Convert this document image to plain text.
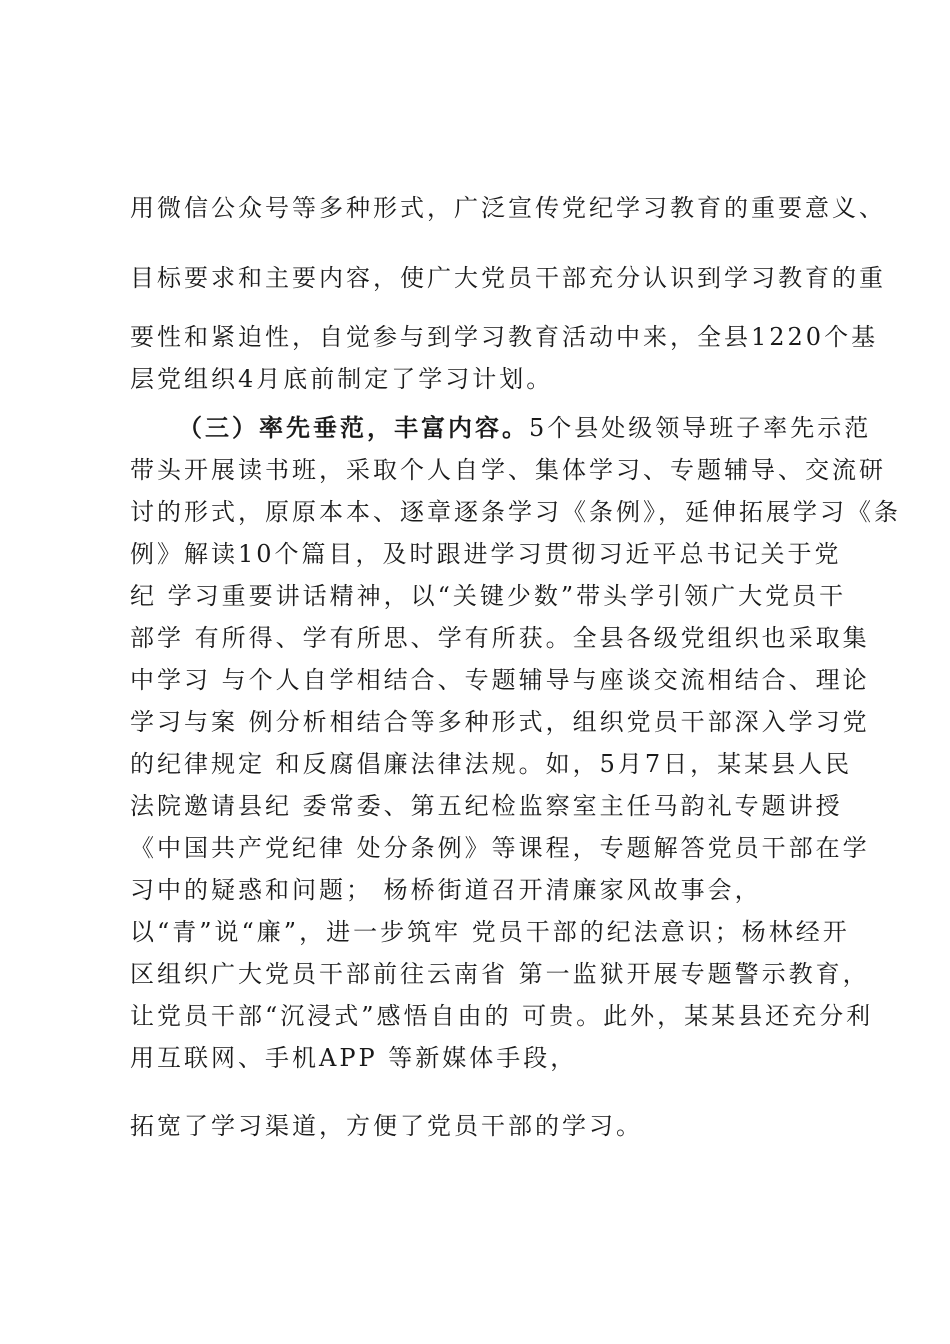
用微信公众号等多种形式，广泛宣传党纪学习教育的重要意义、
目标要求和主要内容，使广大党员干部充分认识到学习教育的重
要性和紧迫性，自觉参与到学习教育活动中来，全县1220个基
层党组织4月底前制定了学习计划。
（三）率先垂范，丰富内容。5个县处级领导班子率先示范
带头开展读书班，采取个人自学、集体学习、专题辅导、交流研
讨的形式，原原本本、逐章逐条学习《条例》，延伸拓展学习《条
例》解读10个篇目，及时跟进学习贯彻习近平总书记关于党
纪 学习重要讲话精神，以“关键少数”带头学引领广大党员干
部学 有所得、学有所思、学有所获。全县各级党组织也采取集
中学习 与个人自学相结合、专题辅导与座谈交流相结合、理论
学习与案 例分析相结合等多种形式，组织党员干部深入学习党
的纪律规定 和反腐倡廉法律法规。如，5月7日，某某县人民
法院邀请县纪 委常委、第五纪检监察室主任马韵礼专题讲授
《中国共产党纪律 处分条例》等课程，专题解答党员干部在学
习中的疑惑和问题； 杨桥街道召开清廉家风故事会，
以“青”说“廉”，进一步筑牢 党员干部的纪法意识；杨林经开
区组织广大党员干部前往云南省 第一监狱开展专题警示教育，
让党员干部“沉浸式”感悟自由的 可贵。此外，某某县还充分利
用互联网、手机APP 等新媒体手段，
拓宽了学习渠道，方便了党员干部的学习。
